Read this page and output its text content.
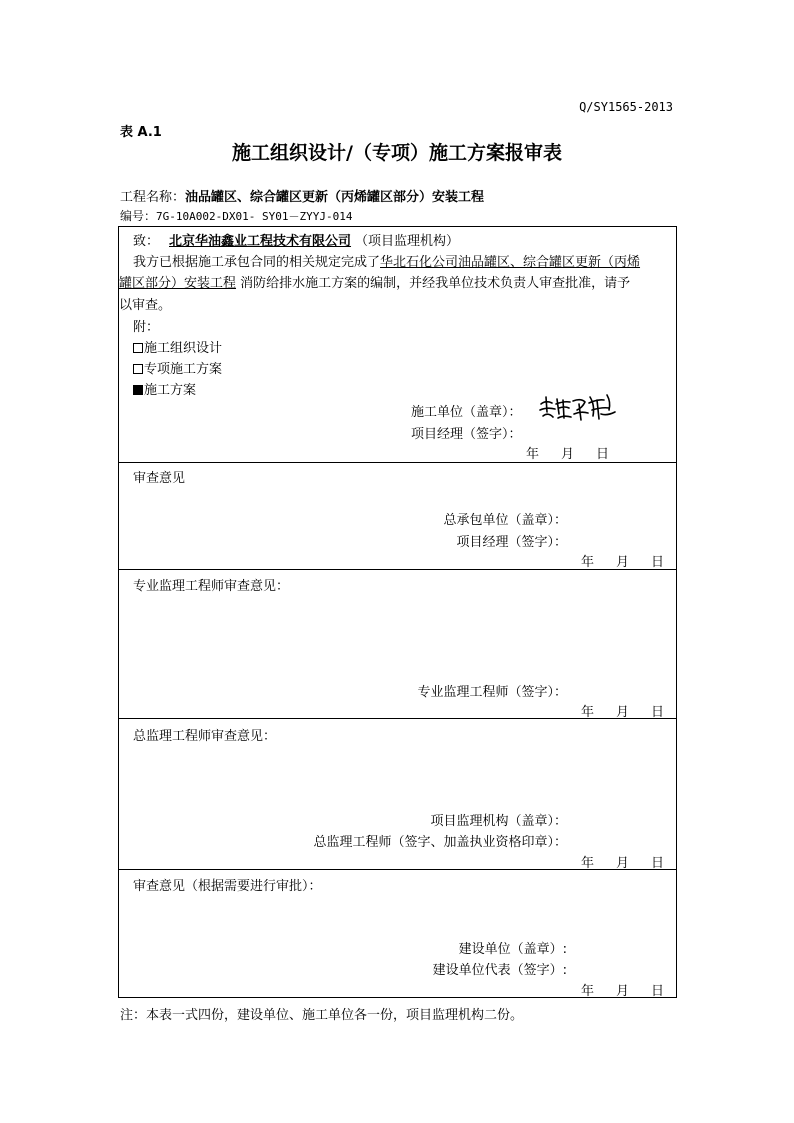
Q/SY1565-2013
表 A.1
施工组织设计/（专项）施工方案报审表
工程名称：油品罐区、综合罐区更新（丙烯罐区部分）安装工程
编号：7G-10A002-DX01- SY01－ZYYJ-014
致： 北京华油鑫业工程技术有限公司 （项目监理机构）
我方已根据施工承包合同的相关规定完成了华北石化公司油品罐区、综合罐区更新（丙烯
罐区部分）安装工程 消防给排水施工方案的编制，并经我单位技术负责人审查批准，请予
以审查。
附：
施工组织设计
专项施工方案
施工方案
施工单位（盖章）：
项目经理（签字）：
年 月 日
审查意见
总承包单位（盖章）：
项目经理（签字）：
年 月 日
专业监理工程师审查意见：
专业监理工程师（签字）：
年 月 日
总监理工程师审查意见：
项目监理机构（盖章）：
总监理工程师（签字、加盖执业资格印章）：
年 月 日
审查意见（根据需要进行审批）：
建设单位（盖章）:
建设单位代表（签字）:
年 月 日
注：本表一式四份，建设单位、施工单位各一份，项目监理机构二份。
